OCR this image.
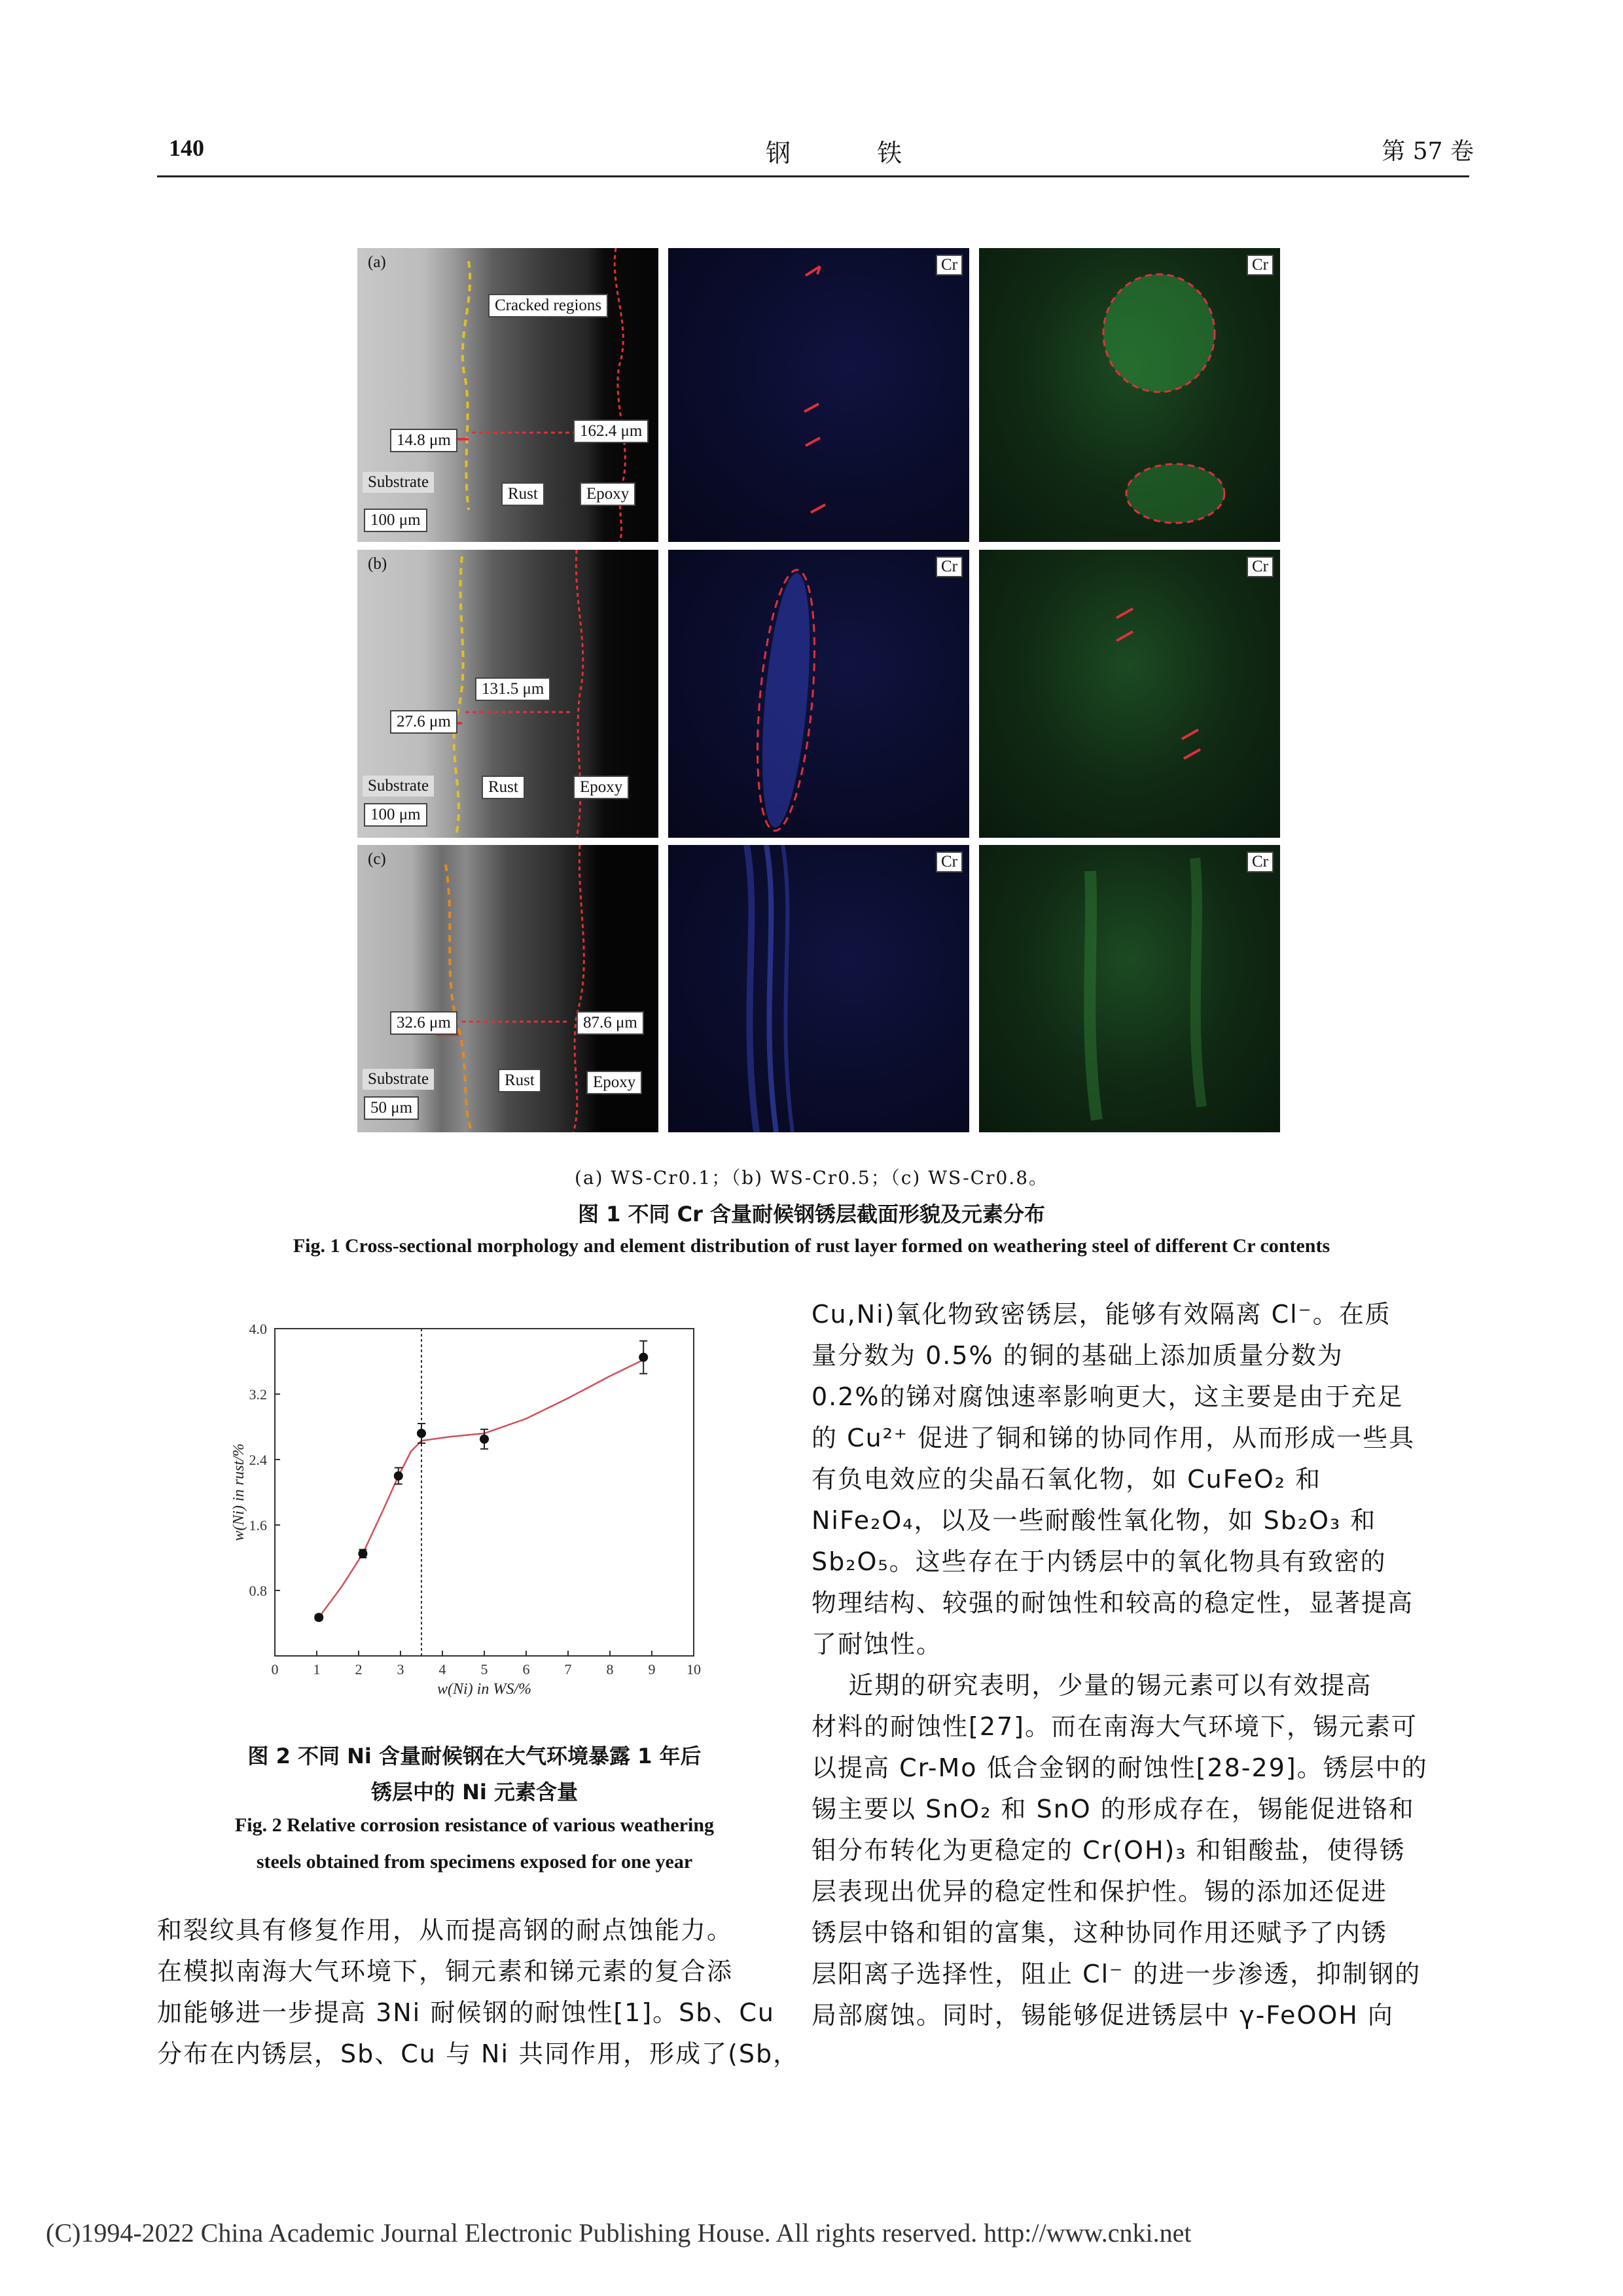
140	钢 铁	第 57 卷
(a)
Cracked regions
14.8 μm
162.4 μm
Substrate
Rust	Epoxy
100 μm
Cr	Cr
(b)
27.6 μm
131.5 μm
Substrate	Rust	Epoxy
100 μm
Cr	Cr
(c)
32.6 μm	87.6 μm
Substrate	Rust	Epoxy
50 μm
Cr	Cr
(a) WS-Cr0.1；（b) WS-Cr0.5；（c) WS-Cr0.8。
图 1 不同 Cr 含量耐候钢锈层截面形貌及元素分布
Fig. 1 Cross-sectional morphology and element distribution of rust layer formed on weathering steel of different Cr contents
0 1 2 3 4 5 6 7 8 9 10
0.8
1.6
2.4
3.2
4.0
w(Ni) in WS/%
w(Ni) in rust/%
图 2 不同 Ni 含量耐候钢在大气环境暴露 1 年后
锈层中的 Ni 元素含量
Fig. 2 Relative corrosion resistance of various weathering
steels obtained from specimens exposed for one year
Cu,Ni)氧化物致密锈层，能够有效隔离 Cl⁻。在质
量分数为 0.5% 的铜的基础上添加质量分数为
0.2%的锑对腐蚀速率影响更大，这主要是由于充足
的 Cu²⁺ 促进了铜和锑的协同作用，从而形成一些具
有负电效应的尖晶石氧化物，如 CuFeO₂ 和
NiFe₂O₄，以及一些耐酸性氧化物，如 Sb₂O₃ 和
Sb₂O₅。这些存在于内锈层中的氧化物具有致密的
物理结构、较强的耐蚀性和较高的稳定性，显著提高
了耐蚀性。
近期的研究表明，少量的锡元素可以有效提高
材料的耐蚀性[27]。而在南海大气环境下，锡元素可
以提高 Cr-Mo 低合金钢的耐蚀性[28-29]。锈层中的
锡主要以 SnO₂ 和 SnO 的形成存在，锡能促进铬和
钼分布转化为更稳定的 Cr(OH)₃ 和钼酸盐，使得锈
层表现出优异的稳定性和保护性。锡的添加还促进
锈层中铬和钼的富集，这种协同作用还赋予了内锈
层阳离子选择性，阻止 Cl⁻ 的进一步渗透，抑制钢的
局部腐蚀。同时，锡能够促进锈层中 γ-FeOOH 向
和裂纹具有修复作用，从而提高钢的耐点蚀能力。
在模拟南海大气环境下，铜元素和锑元素的复合添
加能够进一步提高 3Ni 耐候钢的耐蚀性[1]。Sb、Cu
分布在内锈层，Sb、Cu 与 Ni 共同作用，形成了(Sb，
(C)1994-2022 China Academic Journal Electronic Publishing House. All rights reserved. http://www.cnki.net
